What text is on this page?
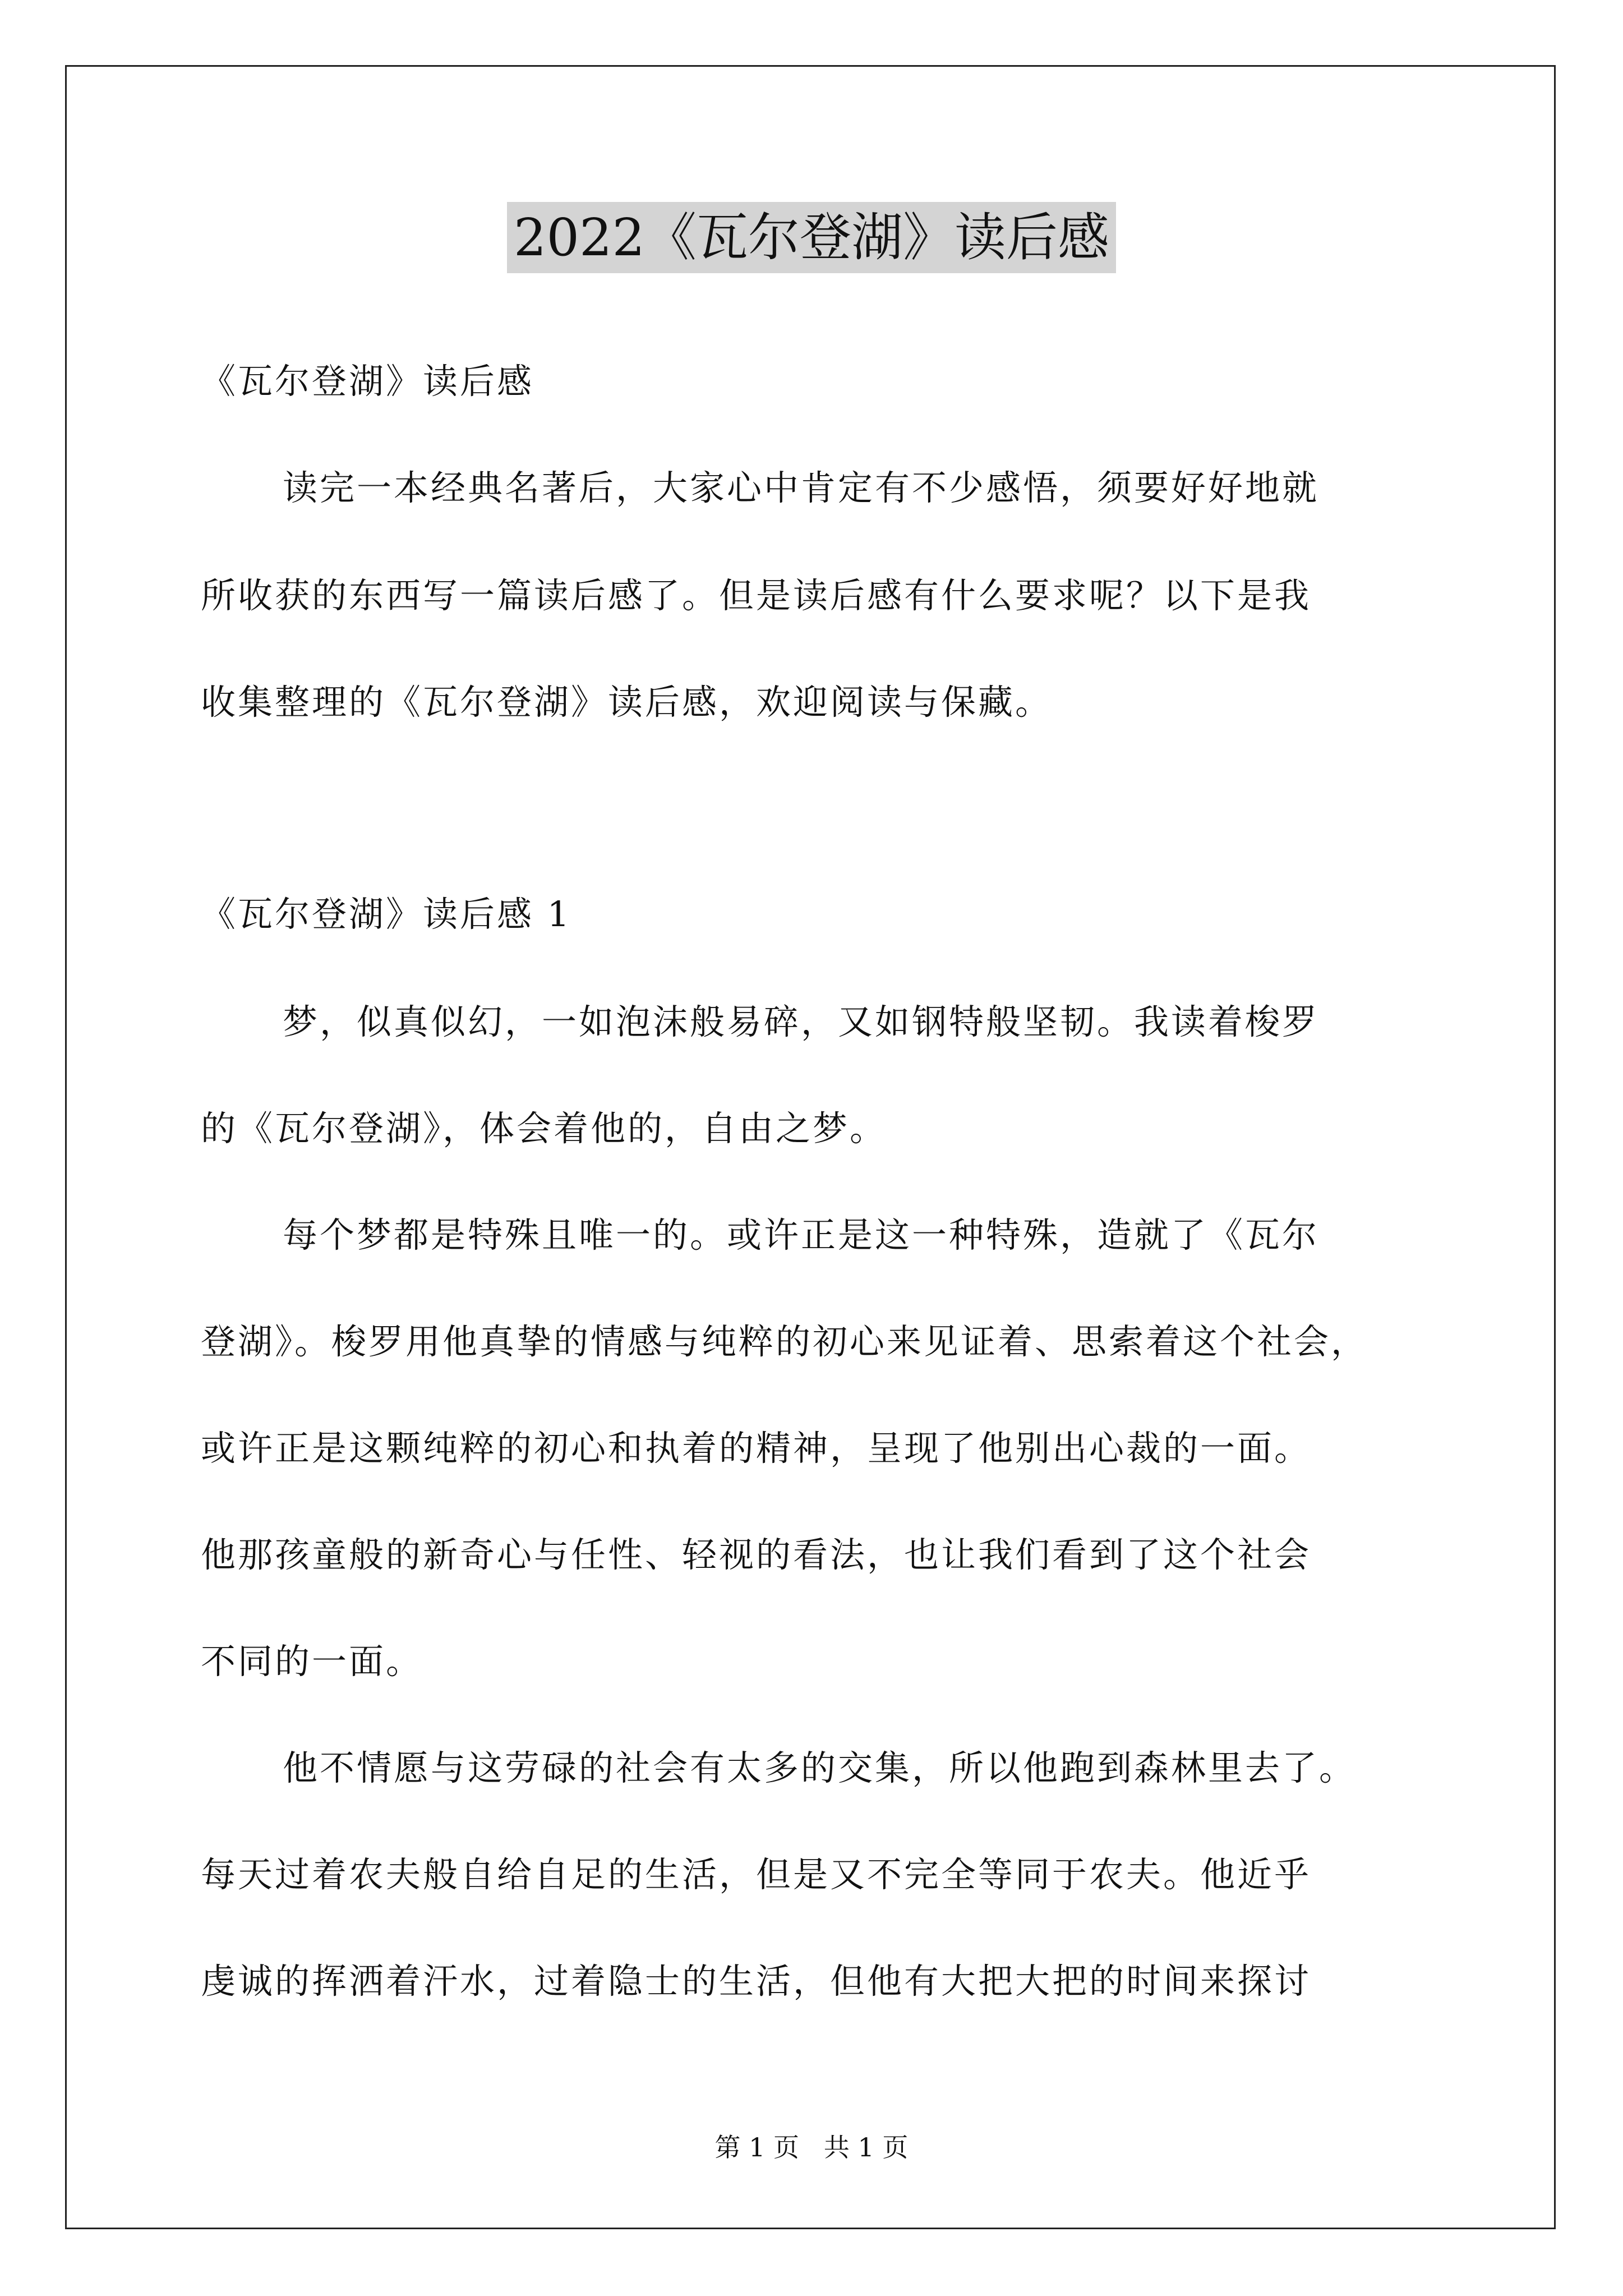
2022《瓦尔登湖》读后感
《瓦尔登湖》读后感
读完一本经典名著后，大家心中肯定有不少感悟，须要好好地就
所收获的东西写一篇读后感了。但是读后感有什么要求呢？以下是我
收集整理的《瓦尔登湖》读后感，欢迎阅读与保藏。
《瓦尔登湖》读后感 1
梦，似真似幻，一如泡沫般易碎，又如钢特般坚韧。我读着梭罗
的《瓦尔登湖》，体会着他的，自由之梦。
每个梦都是特殊且唯一的。或许正是这一种特殊，造就了《瓦尔
登湖》。梭罗用他真挚的情感与纯粹的初心来见证着、思索着这个社会，
或许正是这颗纯粹的初心和执着的精神，呈现了他别出心裁的一面。
他那孩童般的新奇心与任性、轻视的看法，也让我们看到了这个社会
不同的一面。
他不情愿与这劳碌的社会有太多的交集，所以他跑到森林里去了。
每天过着农夫般自给自足的生活，但是又不完全等同于农夫。他近乎
虔诚的挥洒着汗水，过着隐士的生活，但他有大把大把的时间来探讨
第 1 页   共 1 页
